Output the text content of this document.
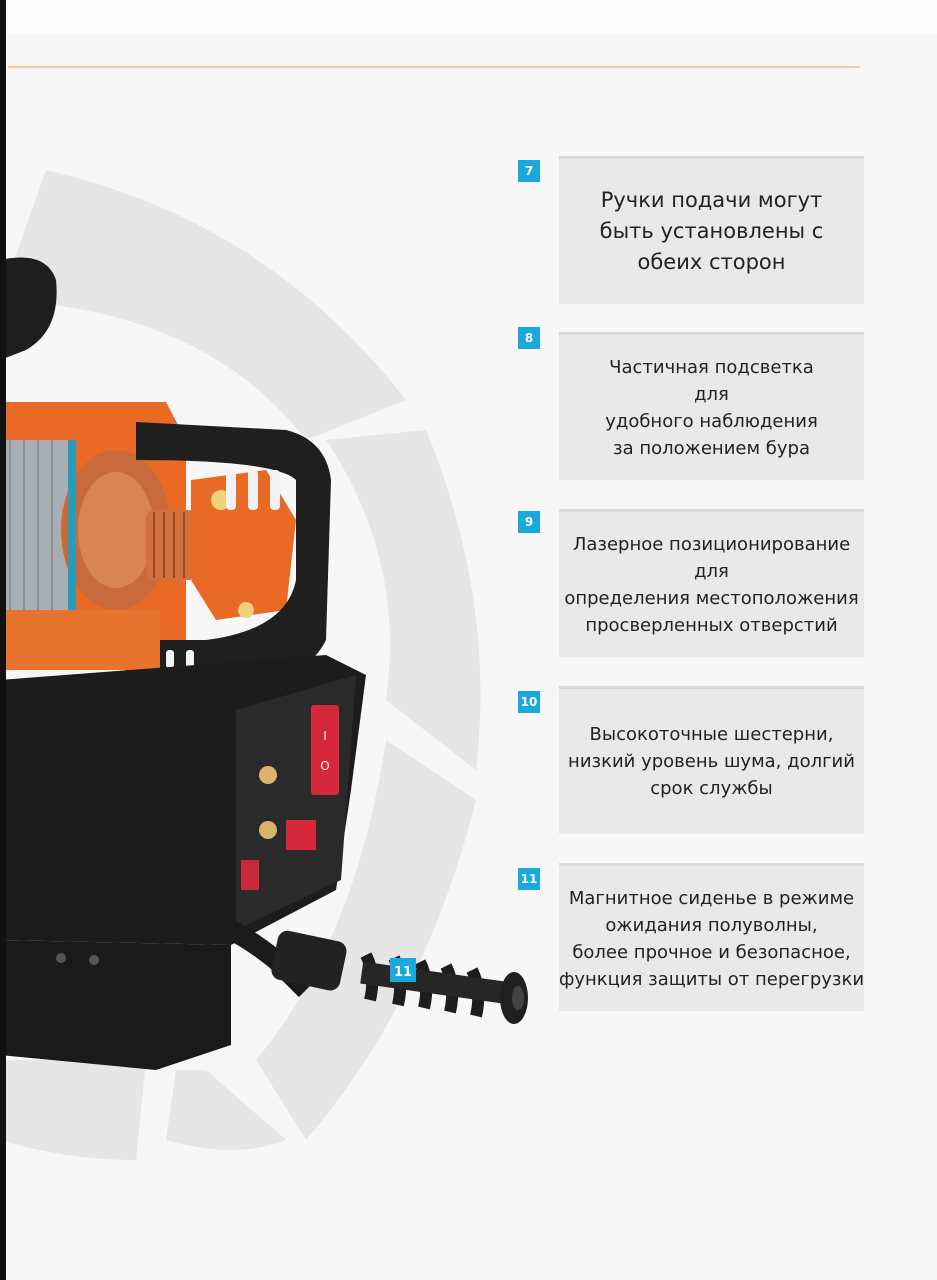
I
O
11
7
Ручки подачи могут
быть установлены с
обеих сторон
8
Частичная подсветка
для
удобного наблюдения
за положением бура
9
Лазерное позиционирование
для
определения местоположения
просверленных отверстий
10
Высокоточные шестерни,
низкий уровень шума, долгий
срок службы
11
Магнитное сиденье в режиме
ожидания полуволны,
более прочное и безопасное,
функция защиты от перегрузки
